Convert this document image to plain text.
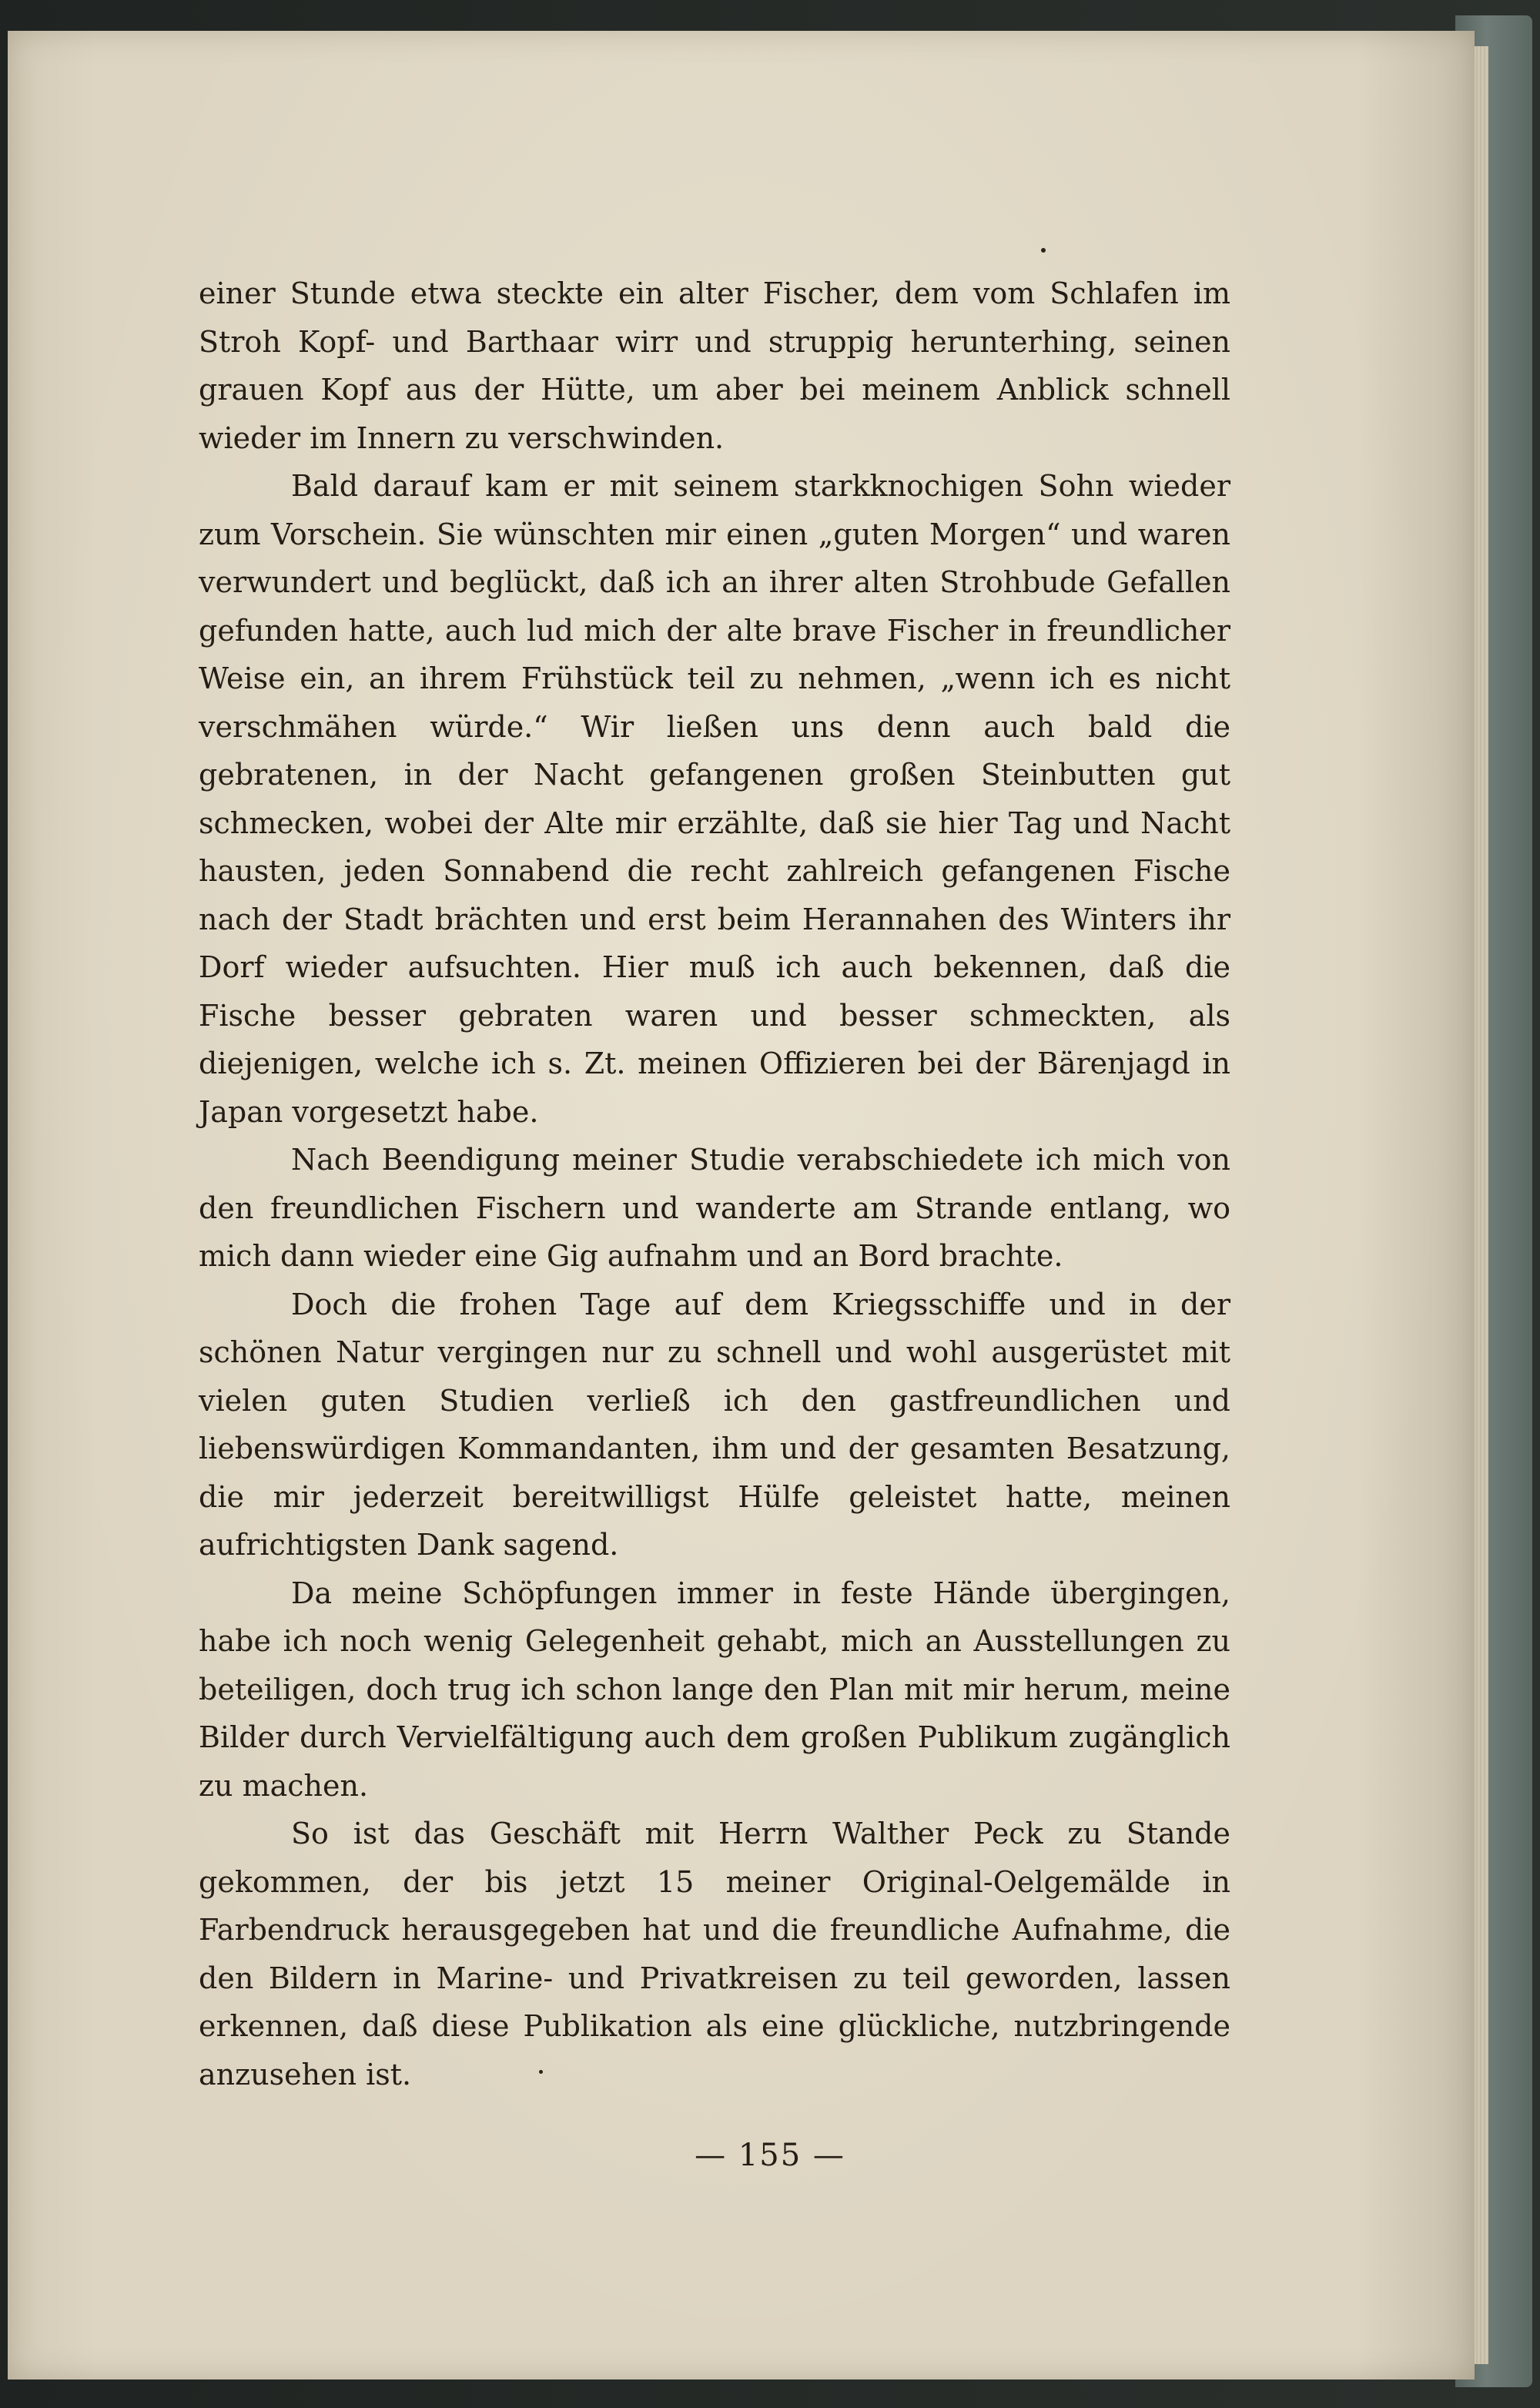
einer Stunde etwa steckte ein alter Fischer, dem vom Schlafen im Stroh Kopf- und Barthaar wirr und struppig herunterhing, seinen grauen Kopf aus der Hütte, um aber bei meinem Anblick schnell wieder im Innern zu verschwinden.

Bald darauf kam er mit seinem starkknochigen Sohn wieder zum Vorschein. Sie wünschten mir einen „guten Morgen“ und waren verwundert und beglückt, daß ich an ihrer alten Strohbude Gefallen gefunden hatte, auch lud mich der alte brave Fischer in freundlicher Weise ein, an ihrem Frühstück teil zu nehmen, „wenn ich es nicht verschmähen würde.“ Wir ließen uns denn auch bald die gebratenen, in der Nacht gefangenen großen Steinbutten gut schmecken, wobei der Alte mir erzählte, daß sie hier Tag und Nacht hausten, jeden Sonnabend die recht zahlreich gefangenen Fische nach der Stadt brächten und erst beim Herannahen des Winters ihr Dorf wieder aufsuchten. Hier muß ich auch bekennen, daß die Fische besser gebraten waren und besser schmeckten, als diejenigen, welche ich s. Zt. meinen Offizieren bei der Bärenjagd in Japan vorgesetzt habe.

Nach Beendigung meiner Studie verabschiedete ich mich von den freundlichen Fischern und wanderte am Strande entlang, wo mich dann wieder eine Gig aufnahm und an Bord brachte.

Doch die frohen Tage auf dem Kriegsschiffe und in der schönen Natur vergingen nur zu schnell und wohl ausgerüstet mit vielen guten Studien verließ ich den gastfreundlichen und liebenswürdigen Kommandanten, ihm und der gesamten Besatzung, die mir jederzeit bereitwilligst Hülfe geleistet hatte, meinen aufrichtigsten Dank sagend.

Da meine Schöpfungen immer in feste Hände übergingen, habe ich noch wenig Gelegenheit gehabt, mich an Ausstellungen zu beteiligen, doch trug ich schon lange den Plan mit mir herum, meine Bilder durch Vervielfältigung auch dem großen Publikum zugänglich zu machen.

So ist das Geschäft mit Herrn Walther Peck zu Stande gekommen, der bis jetzt 15 meiner Original-Oelgemälde in Farbendruck herausgegeben hat und die freundliche Aufnahme, die den Bildern in Marine- und Privatkreisen zu teil geworden, lassen erkennen, daß diese Publikation als eine glückliche, nutzbringende anzusehen ist.

— 155 —
